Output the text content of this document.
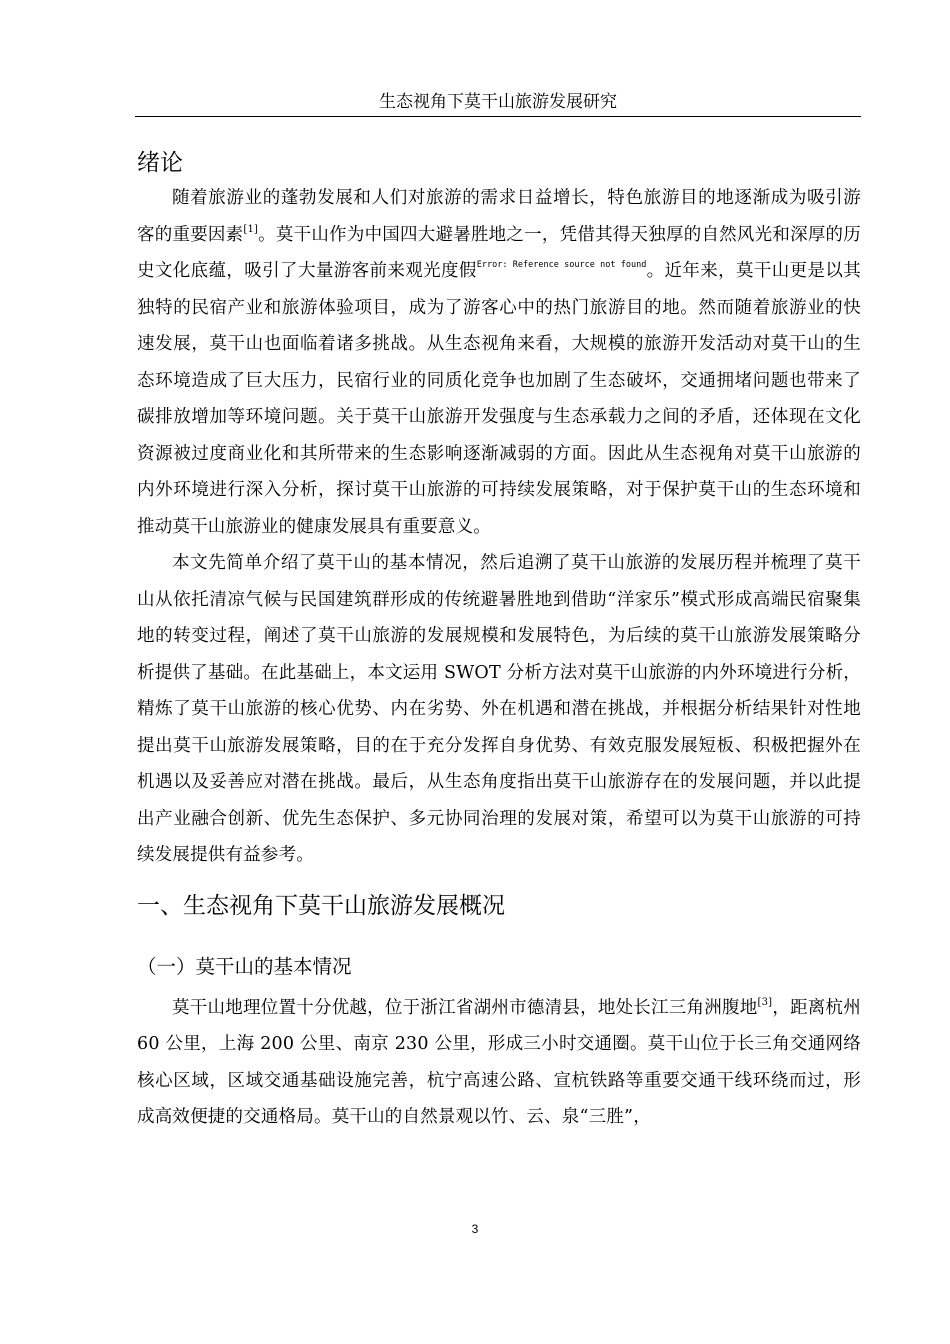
生态视角下莫干山旅游发展研究
绪论

随着旅游业的蓬勃发展和人们对旅游的需求日益增长，特色旅游目的地逐渐成为吸引游客的重要因素[1]。莫干山作为中国四大避暑胜地之一，凭借其得天独厚的自然风光和深厚的历史文化底蕴，吸引了大量游客前来观光度假$^{Error: Reference source not found}$。近年来，莫干山更是以其独特的民宿产业和旅游体验项目，成为了游客心中的热门旅游目的地。然而随着旅游业的快速发展，莫干山也面临着诸多挑战。从生态视角来看，大规模的旅游开发活动对莫干山的生态环境造成了巨大压力，民宿行业的同质化竞争也加剧了生态破坏，交通拥堵问题也带来了碳排放增加等环境问题。关于莫干山旅游开发强度与生态承载力之间的矛盾，还体现在文化资源被过度商业化和其所带来的生态影响逐渐减弱的方面。因此从生态视角对莫干山旅游的内外环境进行深入分析，探讨莫干山旅游的可持续发展策略，对于保护莫干山的生态环境和推动莫干山旅游业的健康发展具有重要意义。

本文先简单介绍了莫干山的基本情况，然后追溯了莫干山旅游的发展历程并梳理了莫干山从依托清凉气候与民国建筑群形成的传统避暑胜地到借助“洋家乐”模式形成高端民宿聚集地的转变过程，阐述了莫干山旅游的发展规模和发展特色，为后续的莫干山旅游发展策略分析提供了基础。在此基础上，本文运用 SWOT 分析方法对莫干山旅游的内外环境进行分析，精炼了莫干山旅游的核心优势、内在劣势、外在机遇和潜在挑战，并根据分析结果针对性地提出莫干山旅游发展策略，目的在于充分发挥自身优势、有效克服发展短板、积极把握外在机遇以及妥善应对潜在挑战。最后，从生态角度指出莫干山旅游存在的发展问题，并以此提出产业融合创新、优先生态保护、多元协同治理的发展对策，希望可以为莫干山旅游的可持续发展提供有益参考。

一、生态视角下莫干山旅游发展概况
（一）莫干山的基本情况

莫干山地理位置十分优越，位于浙江省湖州市德清县，地处长江三角洲腹地[3]，距离杭州 60 公里，上海 200 公里、南京 230 公里，形成三小时交通圈。莫干山位于长三角交通网络核心区域，区域交通基础设施完善，杭宁高速公路、宣杭铁路等重要交通干线环绕而过，形成高效便捷的交通格局。莫干山的自然景观以竹、云、泉“三胜”，

3
